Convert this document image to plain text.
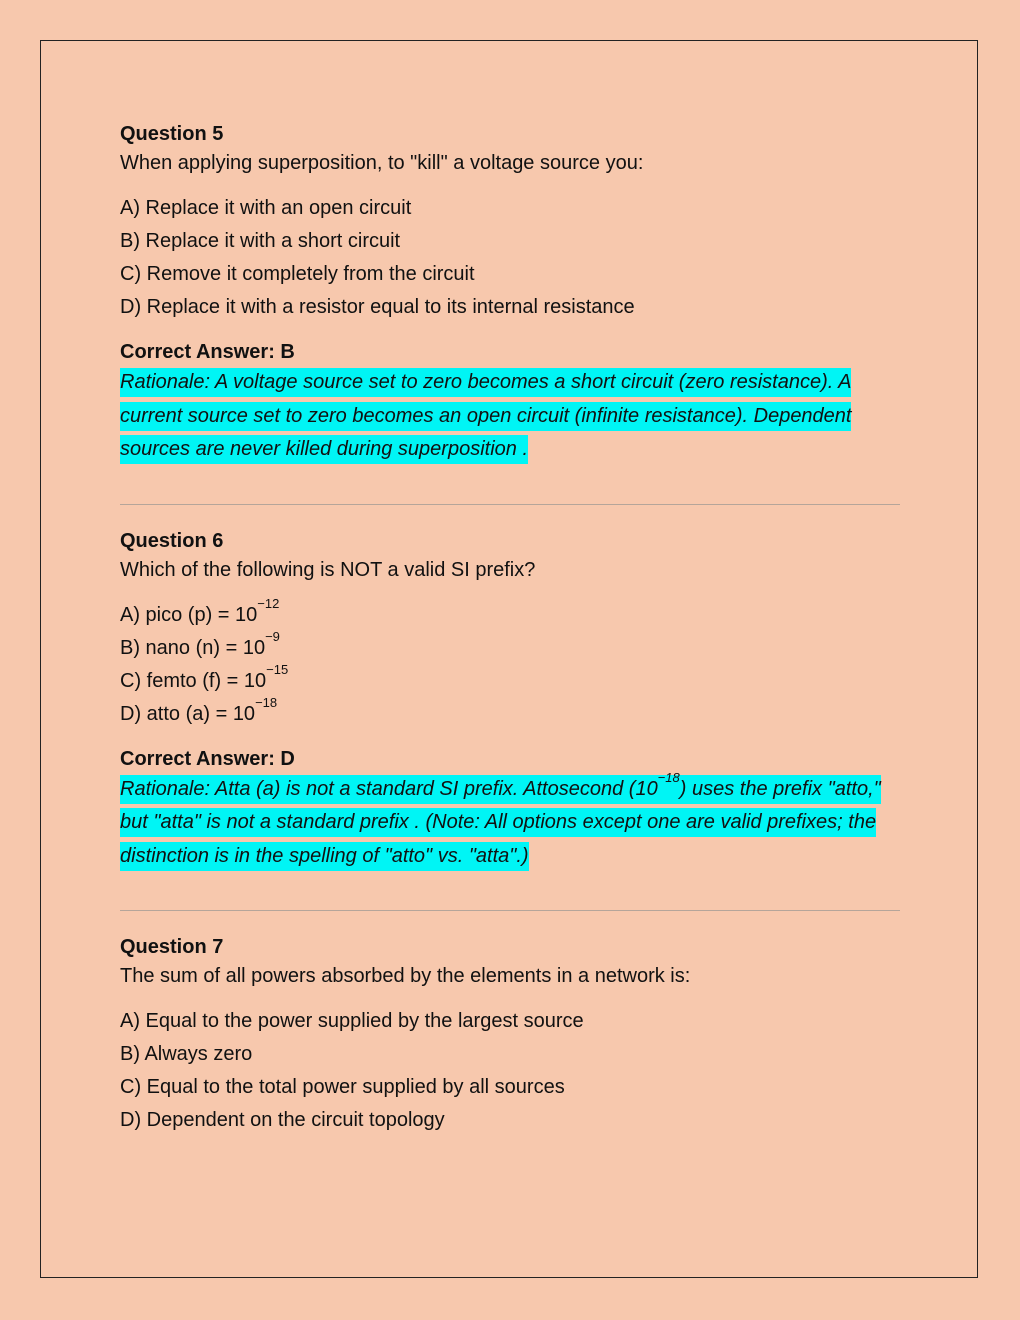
Question 5

When applying superposition, to "kill" a voltage source you:

A) Replace it with an open circuit
B) Replace it with a short circuit
C) Remove it completely from the circuit
D) Replace it with a resistor equal to its internal resistance

Correct Answer: B

Rationale: A voltage source set to zero becomes a short circuit (zero resistance). A current source set to zero becomes an open circuit (infinite resistance). Dependent sources are never killed during superposition .

Question 6

Which of the following is NOT a valid SI prefix?

A) pico $(p) = 10^{-12}$
B) nano $(n) = 10^{-9}$
C) femto $(f) = 10^{-15}$
D) atto $(a) = 10^{-18}$

Correct Answer: D

Rationale: Atta (a) is not a standard SI prefix. Attosecond $(10^{-18})$ uses the prefix "atto," but "atta" is not a standard prefix . (Note: All options except one are valid prefixes; the distinction is in the spelling of "atto" vs. "atta".)

Question 7

The sum of all powers absorbed by the elements in a network is:

A) Equal to the power supplied by the largest source
B) Always zero
C) Equal to the total power supplied by all sources
D) Dependent on the circuit topology
